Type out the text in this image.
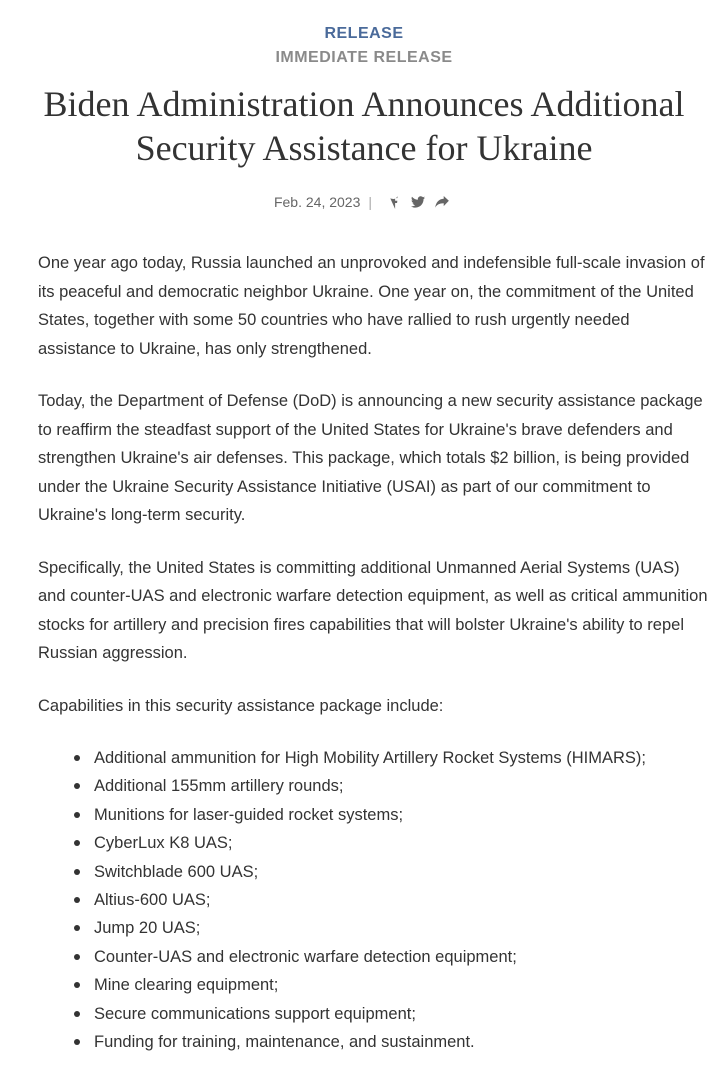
RELEASE
IMMEDIATE RELEASE
Biden Administration Announces Additional
Security Assistance for Ukraine
Feb. 24, 2023 |

One year ago today, Russia launched an unprovoked and indefensible full-scale invasion of its peaceful and democratic neighbor Ukraine. One year on, the commitment of the United States, together with some 50 countries who have rallied to rush urgently needed assistance to Ukraine, has only strengthened.

Today, the Department of Defense (DoD) is announcing a new security assistance package to reaffirm the steadfast support of the United States for Ukraine's brave defenders and strengthen Ukraine's air defenses. This package, which totals $2 billion, is being provided under the Ukraine Security Assistance Initiative (USAI) as part of our commitment to Ukraine's long-term security.

Specifically, the United States is committing additional Unmanned Aerial Systems (UAS) and counter-UAS and electronic warfare detection equipment, as well as critical ammunition stocks for artillery and precision fires capabilities that will bolster Ukraine's ability to repel Russian aggression.

Capabilities in this security assistance package include:

Additional ammunition for High Mobility Artillery Rocket Systems (HIMARS);
Additional 155mm artillery rounds;
Munitions for laser-guided rocket systems;
CyberLux K8 UAS;
Switchblade 600 UAS;
Altius-600 UAS;
Jump 20 UAS;
Counter-UAS and electronic warfare detection equipment;
Mine clearing equipment;
Secure communications support equipment;
Funding for training, maintenance, and sustainment.
